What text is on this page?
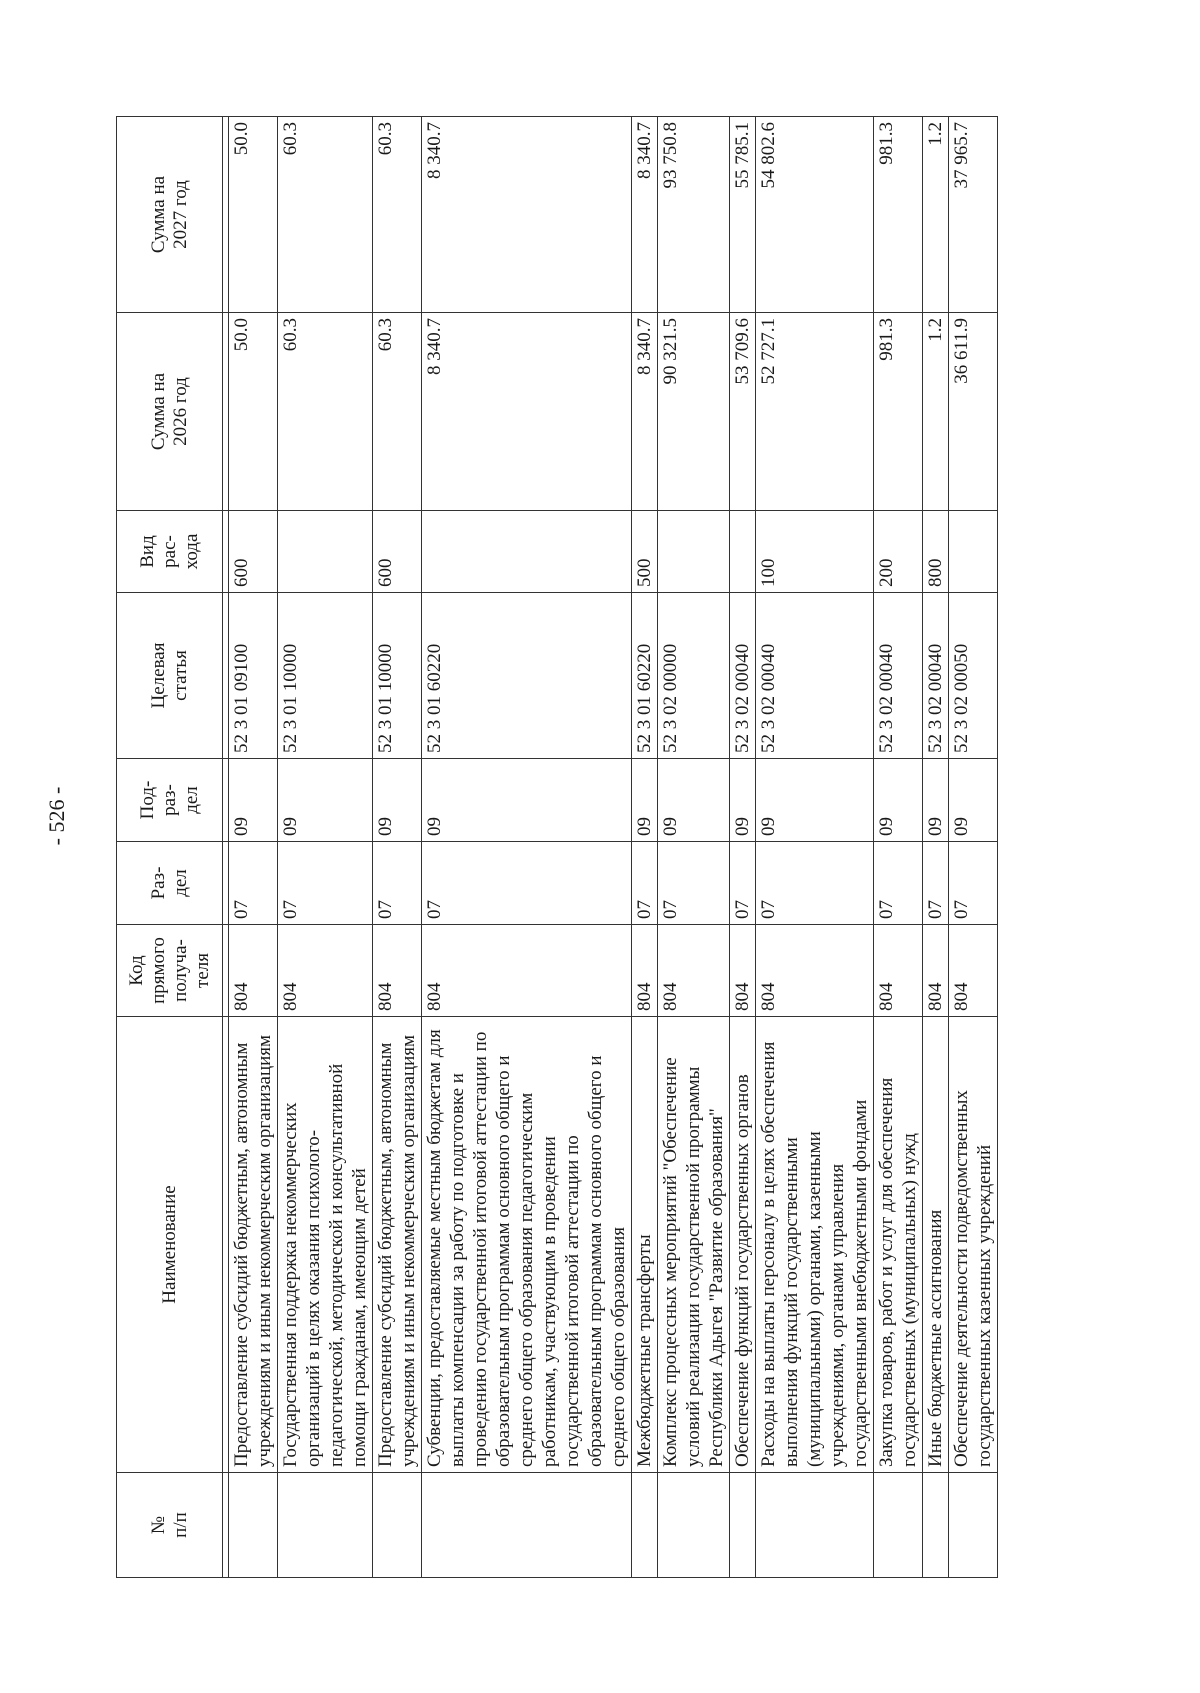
- 526 -
№
п/п	Наименование	Код
прямого
получа-
теля	Раз-
дел	Под-
раз-
дел	Целевая
статья	Вид
рас-
хода	Сумма на
2026 год	Сумма на
2027 год

	Предоставление субсидий бюджетным, автономным учреждениям и иным некоммерческим организациям	804	07	09	52 3 01 09100	600	50.0	50.0
	Государственная поддержка некоммерческих организаций в целях оказания психолого-педагогической, методической и консультативной помощи гражданам, имеющим детей	804	07	09	52 3 01 10000		60.3	60.3
	Предоставление субсидий бюджетным, автономным учреждениям и иным некоммерческим организациям	804	07	09	52 3 01 10000	600	60.3	60.3
	Субвенции, предоставляемые местным бюджетам для выплаты компенсации за работу по подготовке и проведению государственной итоговой аттестации по образовательным программам основного общего и среднего общего образования педагогическим работникам, участвующим в проведении государственной итоговой аттестации по образовательным программам основного общего и среднего общего образования	804	07	09	52 3 01 60220		8 340.7	8 340.7
	Межбюджетные трансферты	804	07	09	52 3 01 60220	500	8 340.7	8 340.7
	Комплекс процессных мероприятий "Обеспечение условий реализации государственной программы Республики Адыгея "Развитие образования"	804	07	09	52 3 02 00000		90 321.5	93 750.8
	Обеспечение функций государственных органов	804	07	09	52 3 02 00040		53 709.6	55 785.1
	Расходы на выплаты персоналу в целях обеспечения выполнения функций государственными (муниципальными) органами, казенными учреждениями, органами управления государственными внебюджетными фондами	804	07	09	52 3 02 00040	100	52 727.1	54 802.6
	Закупка товаров, работ и услуг для обеспечения государственных (муниципальных) нужд	804	07	09	52 3 02 00040	200	981.3	981.3
	Иные бюджетные ассигнования	804	07	09	52 3 02 00040	800	1.2	1.2
	Обеспечение деятельности подведомственных государственных казенных учреждений	804	07	09	52 3 02 00050		36 611.9	37 965.7
